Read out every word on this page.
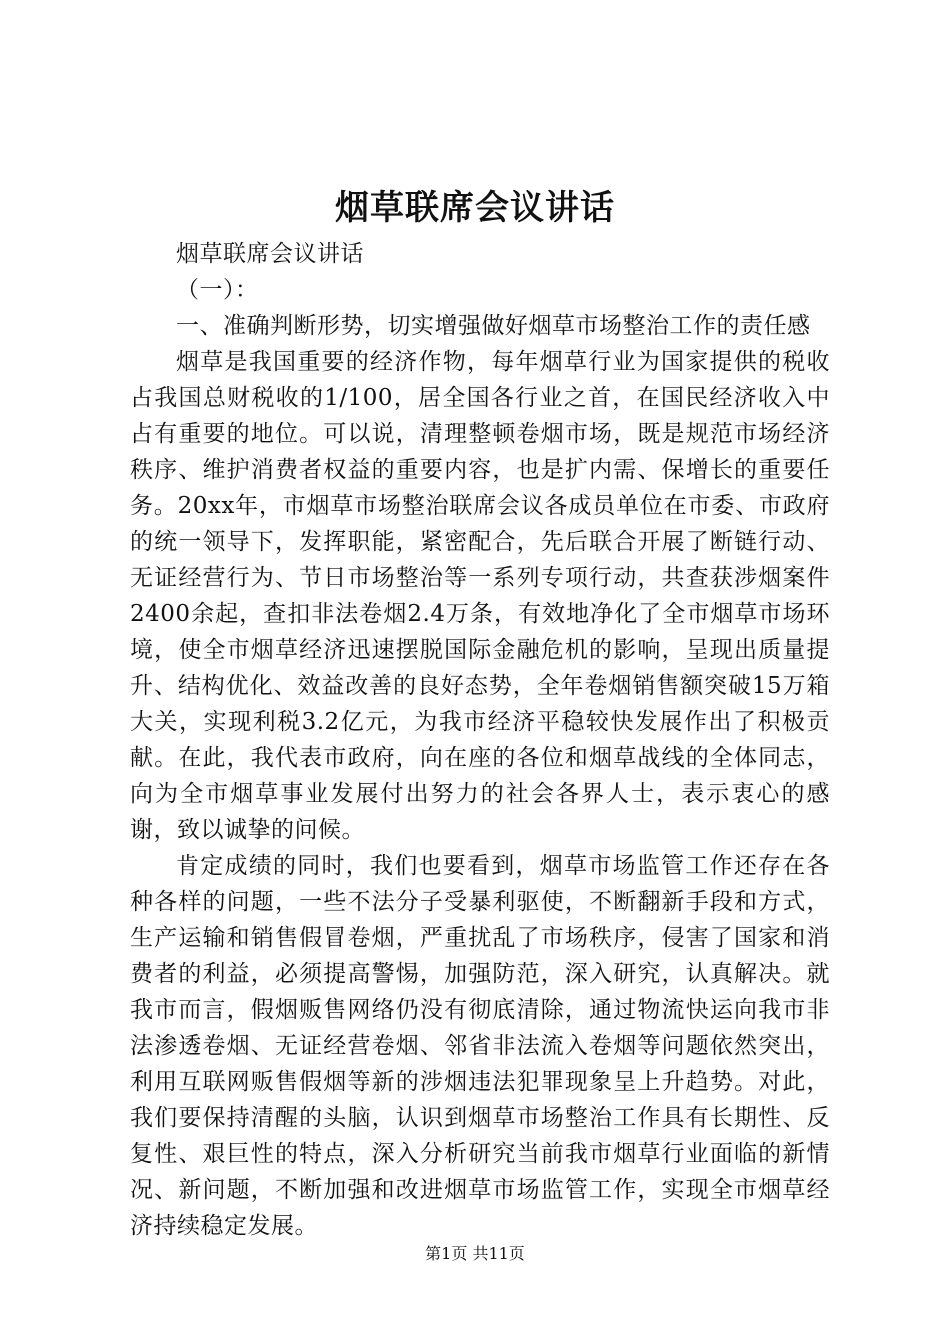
烟草联席会议讲话

烟草联席会议讲话

（一）：

一、准确判断形势，切实增强做好烟草市场整治工作的责任感

烟草是我国重要的经济作物，每年烟草行业为国家提供的税收占我国总财税收的1/100，居全国各行业之首，在国民经济收入中占有重要的地位。可以说，清理整顿卷烟市场，既是规范市场经济秩序、维护消费者权益的重要内容，也是扩内需、保增长的重要任务。20xx年，市烟草市场整治联席会议各成员单位在市委、市政府的统一领导下，发挥职能，紧密配合，先后联合开展了断链行动、无证经营行为、节日市场整治等一系列专项行动，共查获涉烟案件2400余起，查扣非法卷烟2.4万条，有效地净化了全市烟草市场环境，使全市烟草经济迅速摆脱国际金融危机的影响，呈现出质量提升、结构优化、效益改善的良好态势，全年卷烟销售额突破15万箱大关，实现利税3.2亿元，为我市经济平稳较快发展作出了积极贡献。在此，我代表市政府，向在座的各位和烟草战线的全体同志，向为全市烟草事业发展付出努力的社会各界人士，表示衷心的感谢，致以诚挚的问候。

肯定成绩的同时，我们也要看到，烟草市场监管工作还存在各种各样的问题，一些不法分子受暴利驱使，不断翻新手段和方式，生产运输和销售假冒卷烟，严重扰乱了市场秩序，侵害了国家和消费者的利益，必须提高警惕，加强防范，深入研究，认真解决。就我市而言，假烟贩售网络仍没有彻底清除，通过物流快运向我市非法渗透卷烟、无证经营卷烟、邻省非法流入卷烟等问题依然突出，利用互联网贩售假烟等新的涉烟违法犯罪现象呈上升趋势。对此，我们要保持清醒的头脑，认识到烟草市场整治工作具有长期性、反复性、艰巨性的特点，深入分析研究当前我市烟草行业面临的新情况、新问题，不断加强和改进烟草市场监管工作，实现全市烟草经济持续稳定发展。

第1页 共11页
